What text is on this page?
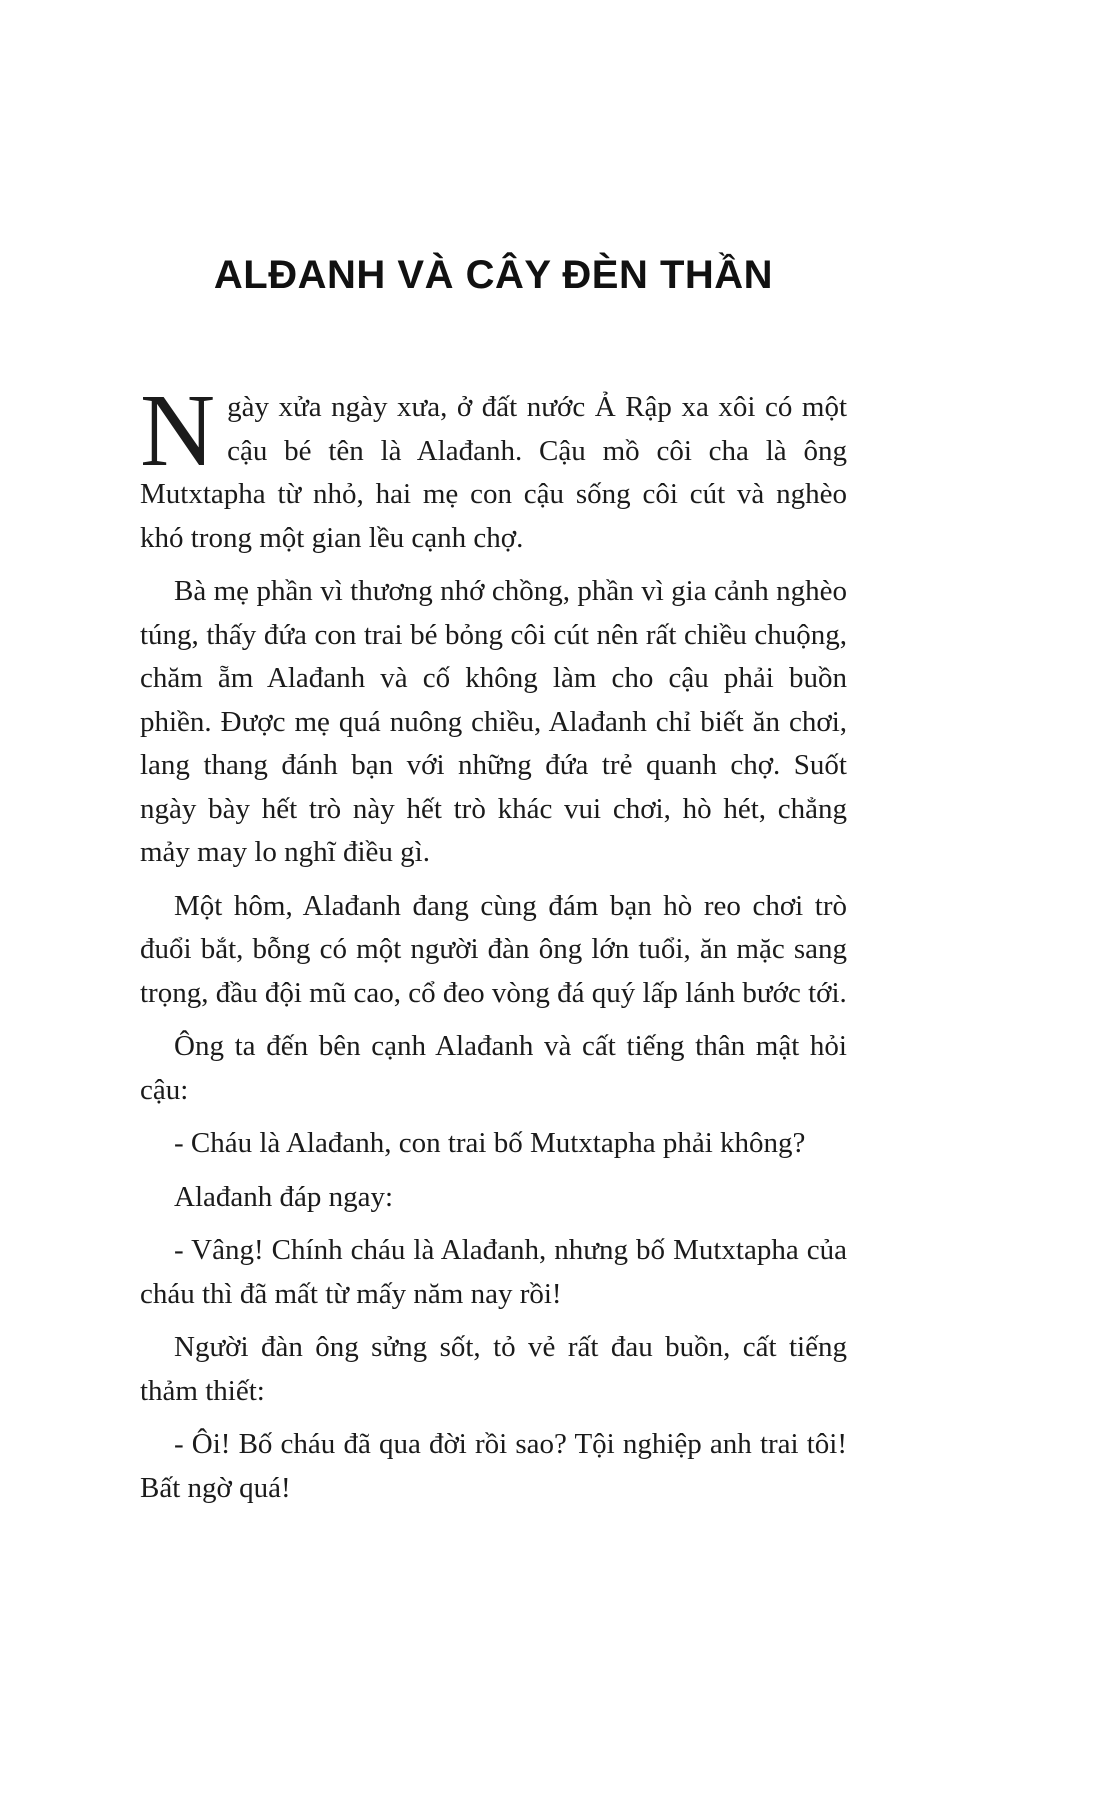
ALĐANH VÀ CÂY ĐÈN THẦN

Ngày xửa ngày xưa, ở đất nước Ả Rập xa xôi có một cậu bé tên là Alađanh. Cậu mồ côi cha là ông Mutxtapha từ nhỏ, hai mẹ con cậu sống côi cút và nghèo khó trong một gian lều cạnh chợ.

Bà mẹ phần vì thương nhớ chồng, phần vì gia cảnh nghèo túng, thấy đứa con trai bé bỏng côi cút nên rất chiều chuộng, chăm ẵm Alađanh và cố không làm cho cậu phải buồn phiền. Được mẹ quá nuông chiều, Alađanh chỉ biết ăn chơi, lang thang đánh bạn với những đứa trẻ quanh chợ. Suốt ngày bày hết trò này hết trò khác vui chơi, hò hét, chẳng mảy may lo nghĩ điều gì.

Một hôm, Alađanh đang cùng đám bạn hò reo chơi trò đuổi bắt, bỗng có một người đàn ông lớn tuổi, ăn mặc sang trọng, đầu đội mũ cao, cổ đeo vòng đá quý lấp lánh bước tới.

Ông ta đến bên cạnh Alađanh và cất tiếng thân mật hỏi cậu:

- Cháu là Alađanh, con trai bố Mutxtapha phải không?

Alađanh đáp ngay:

- Vâng! Chính cháu là Alađanh, nhưng bố Mutxtapha của cháu thì đã mất từ mấy năm nay rồi!

Người đàn ông sửng sốt, tỏ vẻ rất đau buồn, cất tiếng thảm thiết:

- Ôi! Bố cháu đã qua đời rồi sao? Tội nghiệp anh trai tôi! Bất ngờ quá!
